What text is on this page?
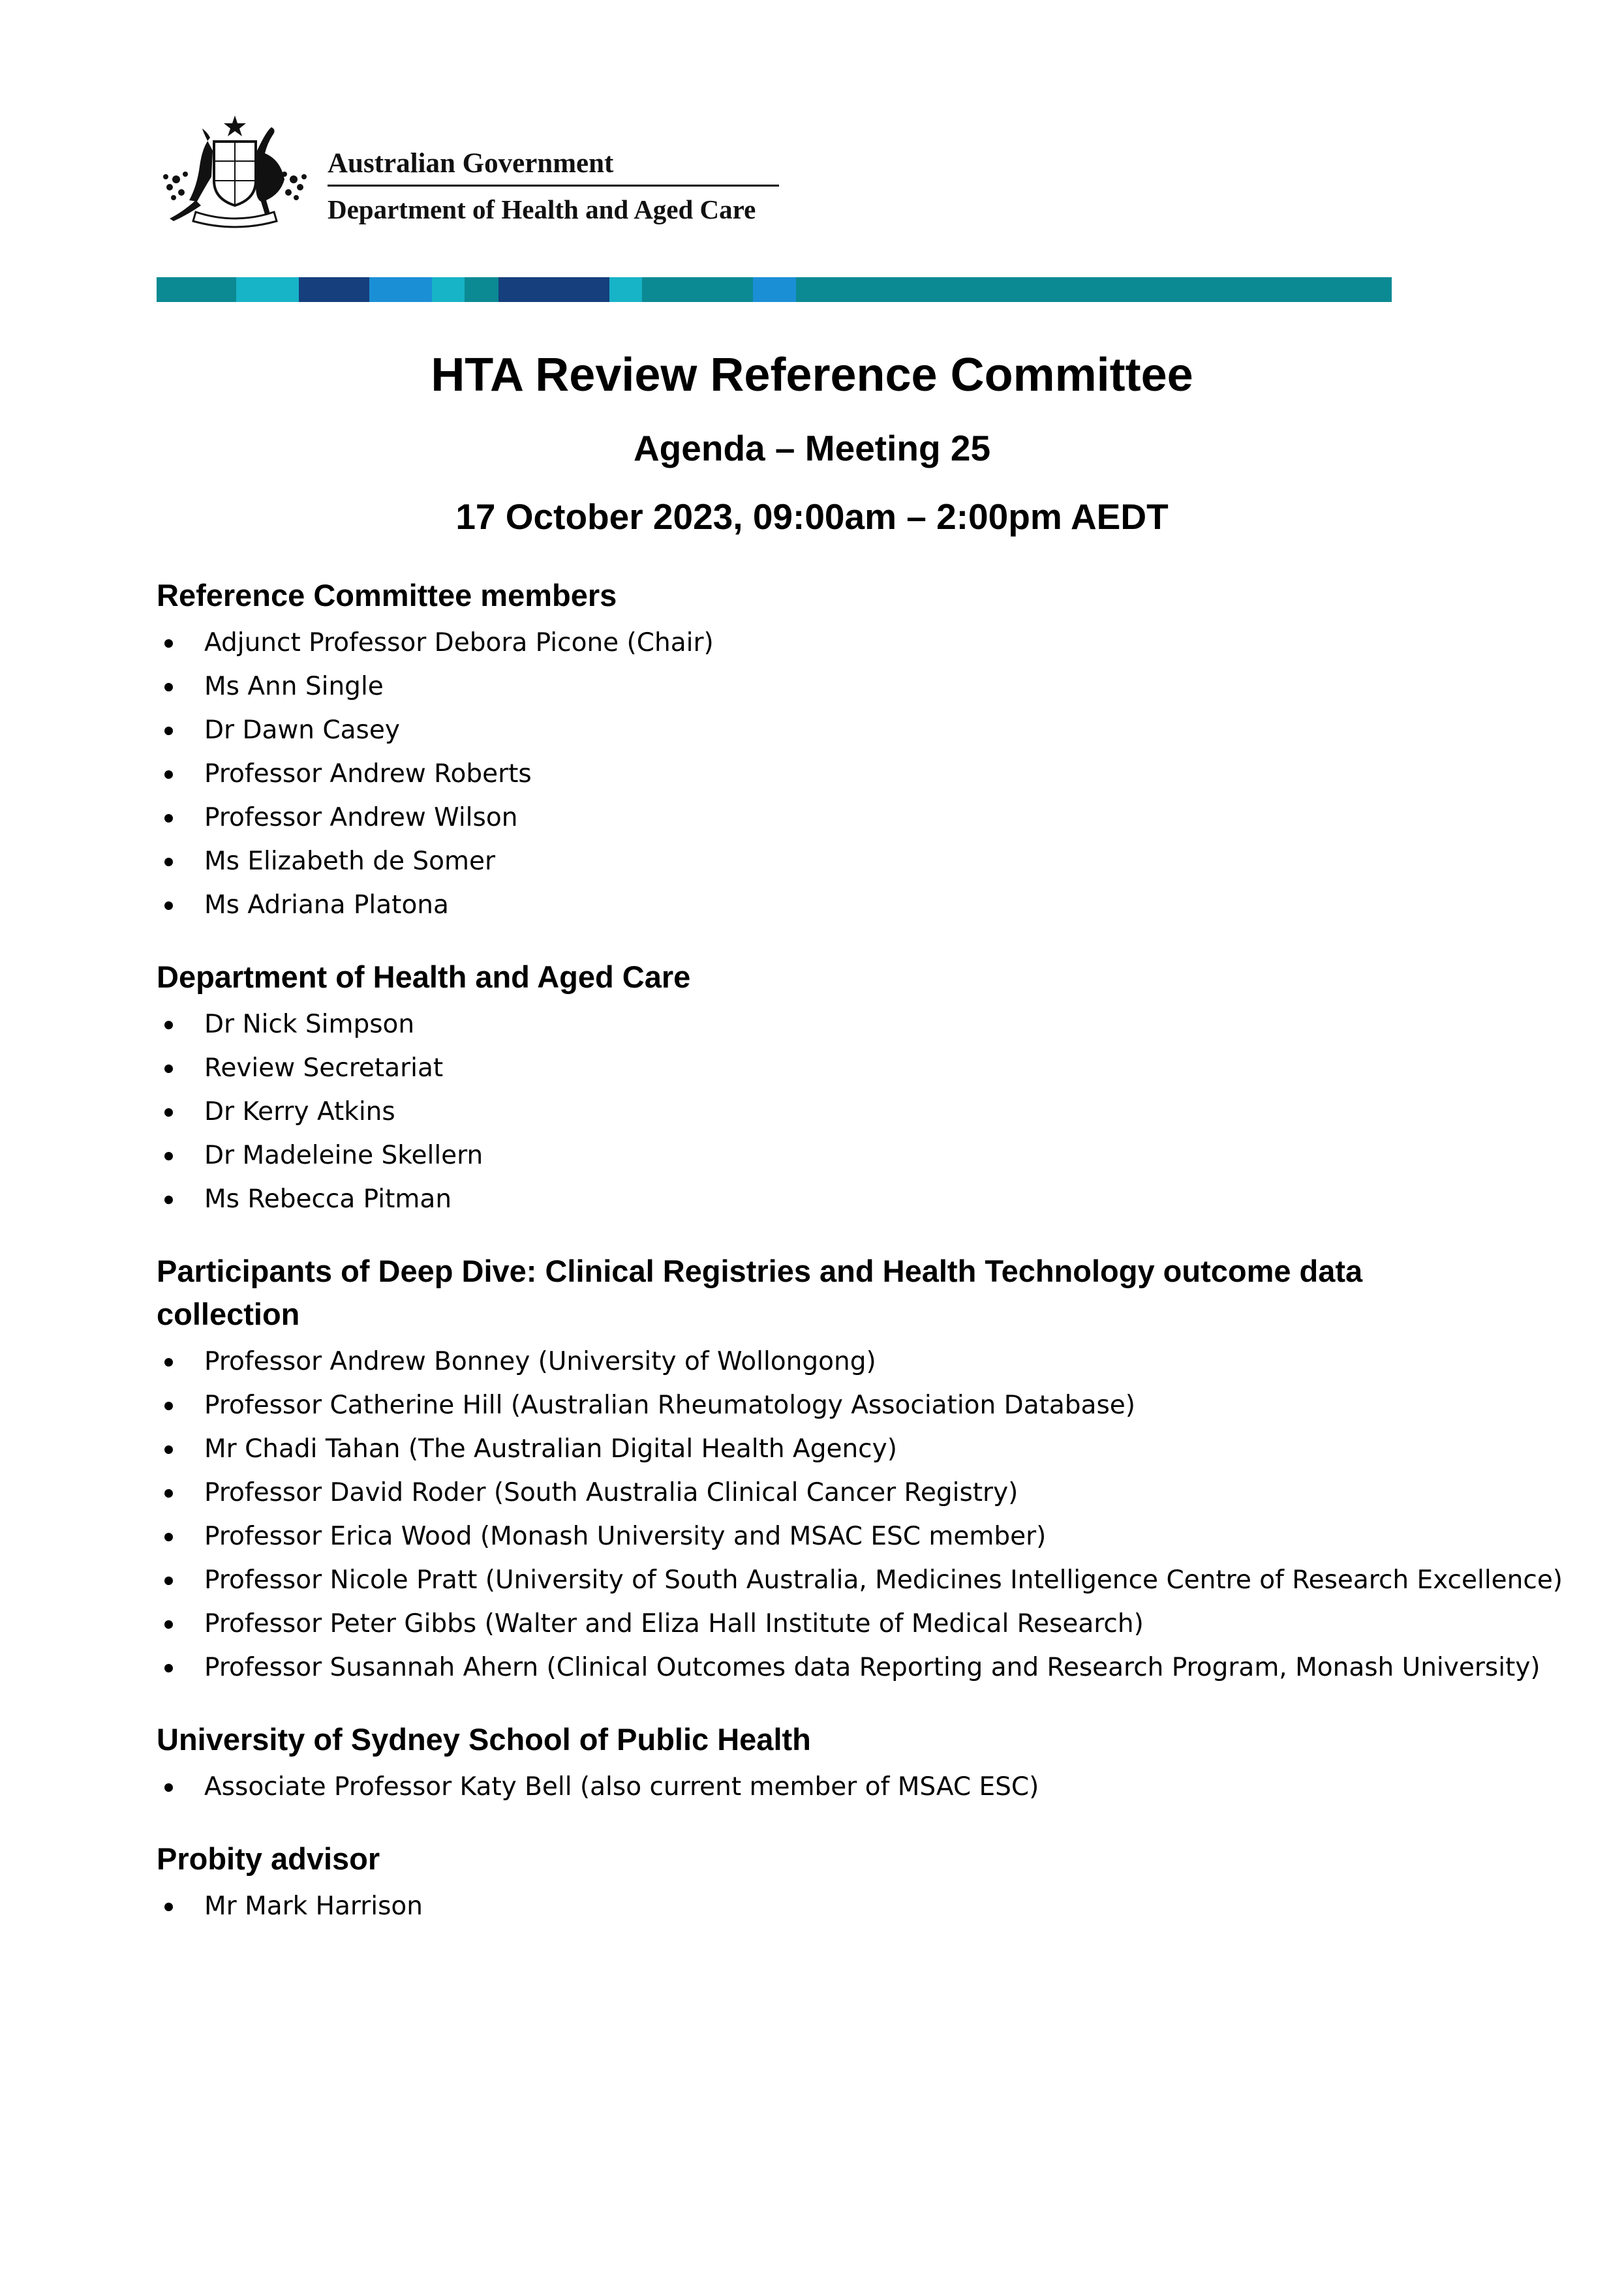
Australian Government
Department of Health and Aged Care
HTA Review Reference Committee
Agenda – Meeting 25
17 October 2023, 09:00am – 2:00pm AEDT
Reference Committee members
Adjunct Professor Debora Picone (Chair)
Ms Ann Single
Dr Dawn Casey
Professor Andrew Roberts
Professor Andrew Wilson
Ms Elizabeth de Somer
Ms Adriana Platona
Department of Health and Aged Care
Dr Nick Simpson
Review Secretariat
Dr Kerry Atkins
Dr Madeleine Skellern
Ms Rebecca Pitman
Participants of Deep Dive: Clinical Registries and Health Technology outcome data collection
Professor Andrew Bonney (University of Wollongong)
Professor Catherine Hill (Australian Rheumatology Association Database)
Mr Chadi Tahan (The Australian Digital Health Agency)
Professor David Roder (South Australia Clinical Cancer Registry)
Professor Erica Wood (Monash University and MSAC ESC member)
Professor Nicole Pratt (University of South Australia, Medicines Intelligence Centre of Research Excellence)
Professor Peter Gibbs (Walter and Eliza Hall Institute of Medical Research)
Professor Susannah Ahern (Clinical Outcomes data Reporting and Research Program, Monash University)
University of Sydney School of Public Health
Associate Professor Katy Bell (also current member of MSAC ESC)
Probity advisor
Mr Mark Harrison
